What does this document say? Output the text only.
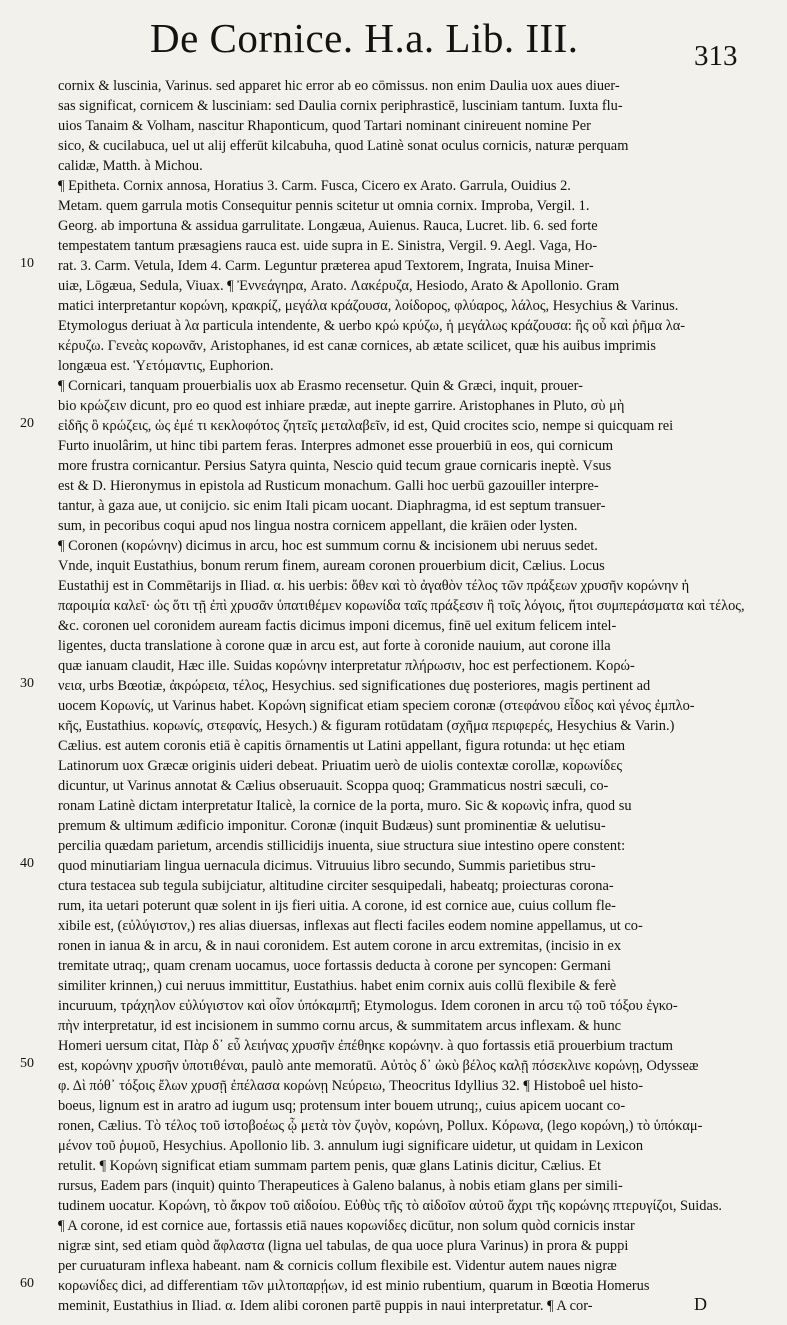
De Cornice. H.a. Lib. III.	313
cornix & luscinia, Varinus. sed apparet hic error ab eo cōmissus. non enim Daulia uox aues diuer-
sas significat, cornicem & lusciniam: sed Daulia cornix periphrasticē, lusciniam tantum. Iuxta flu-
uios Tanaim & Volham, nascitur Rhaponticum, quod Tartari nominant cinireuent nomine Per
sico, & cucilabuca, uel ut alij efferūt kilcabuha, quod Latinè sonat oculus cornicis, naturæ perquam
calidæ, Matth. à Michou.
¶ Epitheta. Cornix annosa, Horatius 3. Carm. Fusca, Cicero ex Arato. Garrula, Ouidius 2.
Metam. quem garrula motis Consequitur pennis scitetur ut omnia cornix. Improba, Vergil. 1.
Georg. ab importuna & assidua garrulitate. Longæua, Auienus. Rauca, Lucret. lib. 6. sed forte
tempestatem tantum præsagiens rauca est. uide supra in E. Sinistra, Vergil. 9. Aegl. Vaga, Ho-
rat. 3. Carm. Vetula, Idem 4. Carm. Leguntur præterea apud Textorem, Ingrata, Inuisa Miner-
uiæ, Lōgæua, Sedula, Viuax. ¶ Ἐννεάγηρα, Arato. Λακέρυζα, Hesiodo, Arato & Apollonio. Gram
matici interpretantur κορώνη, κρακρίζ, μεγάλα κράζουσα, λοίδορος, φλύαρος, λάλος, Hesychius & Varinus.
Etymologus deriuat à λα particula intendente, & uerbo κρώ κρύζω, ἡ μεγάλως κράζουσα: ἢς οὗ καὶ ῥῆμα λα-
κέρυζω. Γενεὰς κορωνᾶν, Aristophanes, id est canæ cornices, ab ætate scilicet, quæ his auibus imprimis
longæua est. Ὑετόμαντις, Euphorion.
¶ Cornicari, tanquam prouerbialis uox ab Erasmo recensetur. Quin & Græci, inquit, prouer-
bio κρώζειν dicunt, pro eo quod est inhiare prædæ, aut inepte garrire. Aristophanes in Pluto, σὺ μὴ
εἰδῆς ὃ κρώζεις, ὡς ἐμέ τι κεκλοφότος ζητεῖς μεταλαβεῖν, id est, Quid crocites scio, nempe si quicquam rei
Furto inuolârim, ut hinc tibi partem feras. Interpres admonet esse prouerbiū in eos, qui cornicum
more frustra cornicantur. Persius Satyra quinta, Nescio quid tecum graue cornicaris ineptè. Vsus
est & D. Hieronymus in epistola ad Rusticum monachum. Galli hoc uerbū gazouiller interpre-
tantur, à gaza aue, ut conijcio. sic enim Itali picam uocant. Diaphragma, id est septum transuer-
sum, in pecoribus coqui apud nos lingua nostra cornicem appellant, die krāien oder lysten.
¶ Coronen (κορώνην) dicimus in arcu, hoc est summum cornu & incisionem ubi neruus sedet.
Vnde, inquit Eustathius, bonum rerum finem, auream coronen prouerbium dicit, Cælius. Locus
Eustathij est in Commētarijs in Iliad. α. his uerbis: ὅθεν καὶ τὸ ἀγαθὸν τέλος τῶν πράξεων χρυσῆν κορώνην ἡ
παροιμία καλεῖ· ὡς ὅτι τῇ ἐπὶ χρυσᾶν ὑπατιθέμεν κορωνίδα ταῖς πράξεσιν ἢ τοῖς λόγοις, ἤτοι συμπεράσματα καὶ τέλος,
&c. coronen uel coronidem auream factis dicimus imponi dicemus, finē uel exitum felicem intel-
ligentes, ducta translatione à corone quæ in arcu est, aut forte à coronide nauium, aut corone illa
quæ ianuam claudit, Hæc ille. Suidas κορώνην interpretatur πλήρωσιν, hoc est perfectionem. Κορώ-
νεια, urbs Bœotiæ, ἀκρώρεια, τέλος, Hesychius. sed significationes duę posteriores, magis pertinent ad
uocem Κορωνίς, ut Varinus habet. Κορώνη significat etiam speciem coronæ (στεφάνου εἶδος καὶ γένος ἐμπλο-
κῆς, Eustathius. κορωνίς, στεφανίς, Hesych.) & figuram rotūdatam (σχῆμα περιφερές, Hesychius & Varin.)
Cælius. est autem coronis etiā è capitis ōrnamentis ut Latini appellant, figura rotunda: ut hęc etiam
Latinorum uox Græcæ originis uideri debeat. Priuatim uerò de uiolis contextæ corollæ, κορωνίδες
dicuntur, ut Varinus annotat & Cælius obseruauit. Scoppa quoq; Grammaticus nostri sæculi, co-
ronam Latinè dictam interpretatur Italicè, la cornice de la porta, muro. Sic & κορωνὶς infra, quod su
premum & ultimum ædificio imponitur. Coronæ (inquit Budæus) sunt prominentiæ & uelutisu-
percilia quædam parietum, arcendis stillicidijs inuenta, siue structura siue intestino opere constent:
quod minutiariam lingua uernacula dicimus. Vitruuius libro secundo, Summis parietibus stru-
ctura testacea sub tegula subijciatur, altitudine circiter sesquipedali, habeatq; proiecturas corona-
rum, ita uetari poterunt quæ solent in ijs fieri uitia. A corone, id est cornice aue, cuius collum fle-
xibile est, (εὐλύγιστον,) res alias diuersas, inflexas aut flecti faciles eodem nomine appellamus, ut co-
ronen in ianua & in arcu, & in naui coronidem. Est autem corone in arcu extremitas, (incisio in ex
tremitate utraq;, quam crenam uocamus, uoce fortassis deducta à corone per syncopen: Germani
similiter krinnen,) cui neruus immittitur, Eustathius. habet enim cornix auis collū flexibile & ferè
incuruum, τράχηλον εὐλύγιστον καὶ οἷον ὑπόκαμπῆ; Etymologus. Idem coronen in arcu τῷ τοῦ τόξου ἐγκο-
πὴν interpretatur, id est incisionem in summo cornu arcus, & summitatem arcus inflexam. & hunc
Homeri uersum citat, Πὰρ δ᾽ εὖ λειήνας χρυσῆν ἐπέθηκε κορώνην. à quo fortassis etiā prouerbium tractum
est, κορώνην χρυσῆν ὑποτιθέναι, paulò ante memoratū. Αὐτὸς δ᾽ ὠκὺ βέλος καλῇ πόσεκλινε κορώνῃ, Odysseæ
φ. Δὶ πόθ᾽ τόξοις ἔλων χρυσῇ ἐπέλασα κορώνῃ Νεύρειω, Theocritus Idyllius 32. ¶ Histoboê uel histo-
boeus, lignum est in aratro ad iugum usq; protensum inter bouem utrunq;, cuius apicem uocant co-
ronen, Cælius. Τὸ τέλος τοῦ ἱστοβοέως ᾧ μετὰ τὸν ζυγὸν, κορώνη, Pollux. Κόρωνα, (lego κορώνη,) τὸ ὑπόκαμ-
μένον τοῦ ῥυμοῦ, Hesychius. Apollonio lib. 3. annulum iugi significare uidetur, ut quidam in Lexicon
retulit. ¶ Κορώνη significat etiam summam partem penis, quæ glans Latinis dicitur, Cælius. Et
rursus, Eadem pars (inquit) quinto Therapeutices à Galeno balanus, à nobis etiam glans per simili-
tudinem uocatur. Κορώνη, τὸ ἄκρον τοῦ αἰδοίου. Εὐθὺς τῆς τὸ αἰδοῖον αὐτοῦ ἄχρι τῆς κορώνης πτερυγίζοι, Suidas.
¶ A corone, id est cornice aue, fortassis etiā naues κορωνίδες dicūtur, non solum quòd cornicis instar
nigræ sint, sed etiam quòd ἄφλαστα (ligna uel tabulas, de qua uoce plura Varinus) in prora & puppi
per curuaturam inflexa habeant. nam & cornicis collum flexibile est. Videntur autem naues nigræ
κορωνίδες dici, ad differentiam τῶν μιλτοπαρῄων, id est minio rubentium, quarum in Bœotia Homerus
meminit, Eustathius in Iliad. α. Idem alibi coronen partē puppis in naui interpretatur. ¶ A cor-
10
20
30
40
50
60
D
